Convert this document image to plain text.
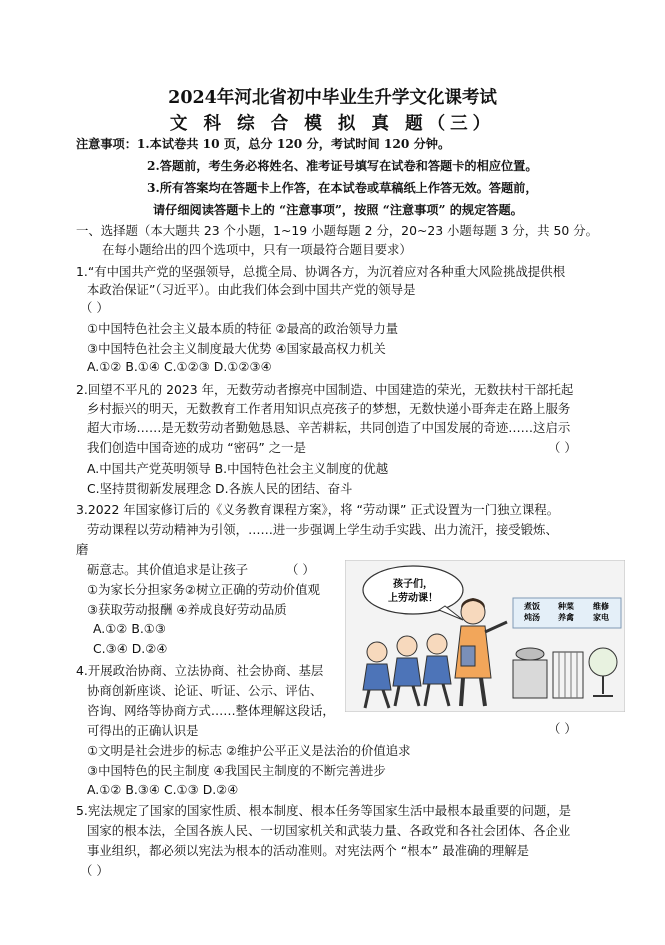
2024年河北省初中毕业生升学文化课考试
文 科 综 合 模 拟 真 题（三）
注意事项：1.本试卷共 10 页，总分 120 分，考试时间 120 分钟。
2.答题前，考生务必将姓名、准考证号填写在试卷和答题卡的相应位置。
3.所有答案均在答题卡上作答，在本试卷或草稿纸上作答无效。答题前，
请仔细阅读答题卡上的 “注意事项”，按照 “注意事项” 的规定答题。
一、选择题（本大题共 23 个小题，1~19 小题每题 2 分，20~23 小题每题 3 分，共 50 分。
在每小题给出的四个选项中，只有一项最符合题目要求）
1.“有中国共产党的坚强领导，总揽全局、协调各方，为沉着应对各种重大风险挑战提供根
本政治保证”（习近平）。由此我们体会到中国共产党的领导是
（ ）
①中国特色社会主义最本质的特征 ②最高的政治领导力量
③中国特色社会主义制度最大优势 ④国家最高权力机关
A.①② B.①④ C.①②③ D.①②③④
2.回望不平凡的 2023 年，无数劳动者擦亮中国制造、中国建造的荣光，无数扶村干部托起
乡村振兴的明天，无数教育工作者用知识点亮孩子的梦想，无数快递小哥奔走在路上服务
超大市场……是无数劳动者勤勉恳恳、辛苦耕耘，共同创造了中国发展的奇迹……这启示
我们创造中国奇迹的成功 “密码” 之一是	（ ）
A.中国共产党英明领导 B.中国特色社会主义制度的优越
C.坚持贯彻新发展理念 D.各族人民的团结、奋斗
3.2022 年国家修订后的《义务教育课程方案》，将 “劳动课” 正式设置为一门独立课程。
劳动课程以劳动精神为引领，……进一步强调上学生动手实践、出力流汗，接受锻炼、
磨
砺意志。其价值追求是让孩子	（ ）
①为家长分担家务②树立正确的劳动价值观
③获取劳动报酬 ④养成良好劳动品质
A.①② B.①③
C.③④ D.②④
煮饭
炖汤
种菜
养禽
维修
家电
孩子们，
上劳动课！
4.开展政治协商、立法协商、社会协商、基层
协商创新座谈、论证、听证、公示、评估、
咨询、网络等协商方式……整体理解这段话，
可得出的正确认识是	（ ）
①文明是社会进步的标志 ②维护公平正义是法治的价值追求
③中国特色的民主制度 ④我国民主制度的不断完善进步
A.①② B.③④ C.①③ D.②④
5.宪法规定了国家的国家性质、根本制度、根本任务等国家生活中最根本最重要的问题，是
国家的根本法，全国各族人民、一切国家机关和武装力量、各政党和各社会团体、各企业
事业组织，都必须以宪法为根本的活动准则。对宪法两个 “根本” 最准确的理解是
（ ）
